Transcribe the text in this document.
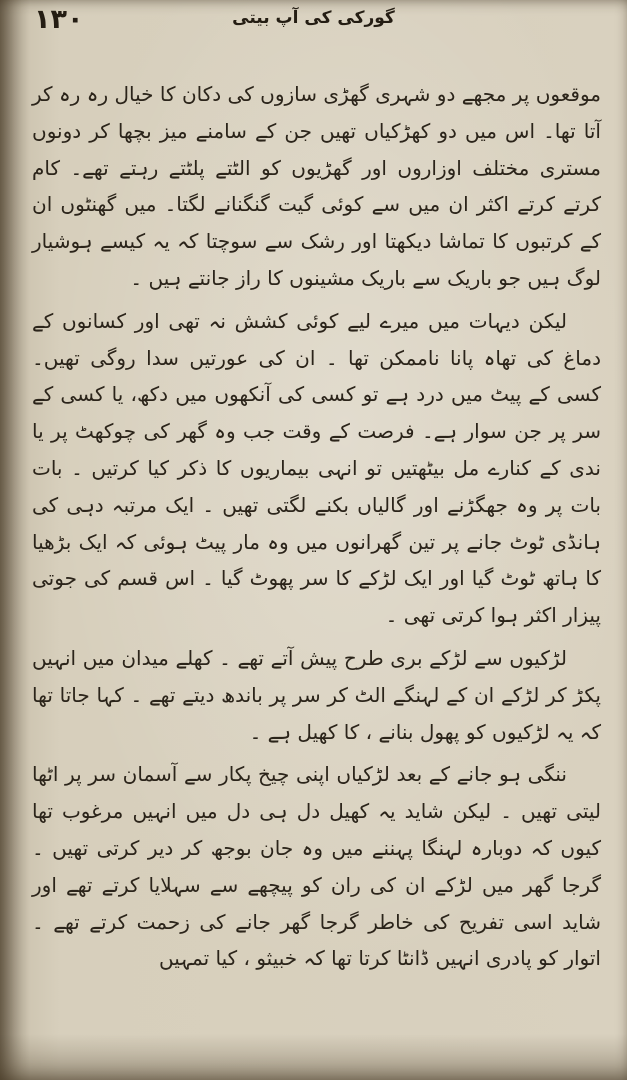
۱۳۰	گورکی کی آپ بیتی

موقعوں پر مجھے دو شہری گھڑی سازوں کی دکان کا خیال رہ رہ کر آتا تھا۔ اس میں دو کھڑکیاں تھیں جن کے سامنے میز بچھا کر دونوں مستری مختلف اوزاروں اور گھڑیوں کو الٹتے پلٹتے رہتے تھے۔ کام کرتے کرتے اکثر ان میں سے کوئی گیت گنگنانے لگتا۔ میں گھنٹوں ان کے کرتبوں کا تماشا دیکھتا اور رشک سے سوچتا کہ یہ کیسے ہوشیار لوگ ہیں جو باریک سے باریک مشینوں کا راز جانتے ہیں ۔

لیکن دیہات میں میرے لیے کوئی کشش نہ تھی اور کسانوں کے دماغ کی تھاہ پانا ناممکن تھا ۔ ان کی عورتیں سدا روگی تھیں۔ کسی کے پیٹ میں درد ہے تو کسی کی آنکھوں میں دکھ، یا کسی کے سر پر جن سوار ہے۔ فرصت کے وقت جب وہ گھر کی چوکھٹ پر یا ندی کے کنارے مل بیٹھتیں تو انہی بیماریوں کا ذکر کیا کرتیں ۔ بات بات پر وہ جھگڑنے اور گالیاں بکنے لگتی تھیں ۔ ایک مرتبہ دہی کی ہانڈی ٹوٹ جانے پر تین گھرانوں میں وہ مار پیٹ ہوئی کہ ایک بڑھیا کا ہاتھ ٹوٹ گیا اور ایک لڑکے کا سر پھوٹ گیا ۔ اس قسم کی جوتی پیزار اکثر ہوا کرتی تھی ۔

لڑکیوں سے لڑکے بری طرح پیش آتے تھے ۔ کھلے میدان میں انہیں پکڑ کر لڑکے ان کے لہنگے الٹ کر سر پر باندھ دیتے تھے ۔ کہا جاتا تھا کہ یہ لڑکیوں کو پھول بنانے ، کا کھیل ہے ۔

ننگی ہو جانے کے بعد لڑکیاں اپنی چیخ پکار سے آسمان سر پر اٹھا لیتی تھیں ۔ لیکن شاید یہ کھیل دل ہی دل میں انہیں مرغوب تھا کیوں کہ دوبارہ لہنگا پہننے میں وہ جان بوجھ کر دیر کرتی تھیں ۔ گرجا گھر میں لڑکے ان کی ران کو پیچھے سے سہلایا کرتے تھے اور شاید اسی تفریح کی خاطر گرجا گھر جانے کی زحمت کرتے تھے ۔ اتوار کو پادری انہیں ڈانٹا کرتا تھا کہ خبیثو ، کیا تمہیں
